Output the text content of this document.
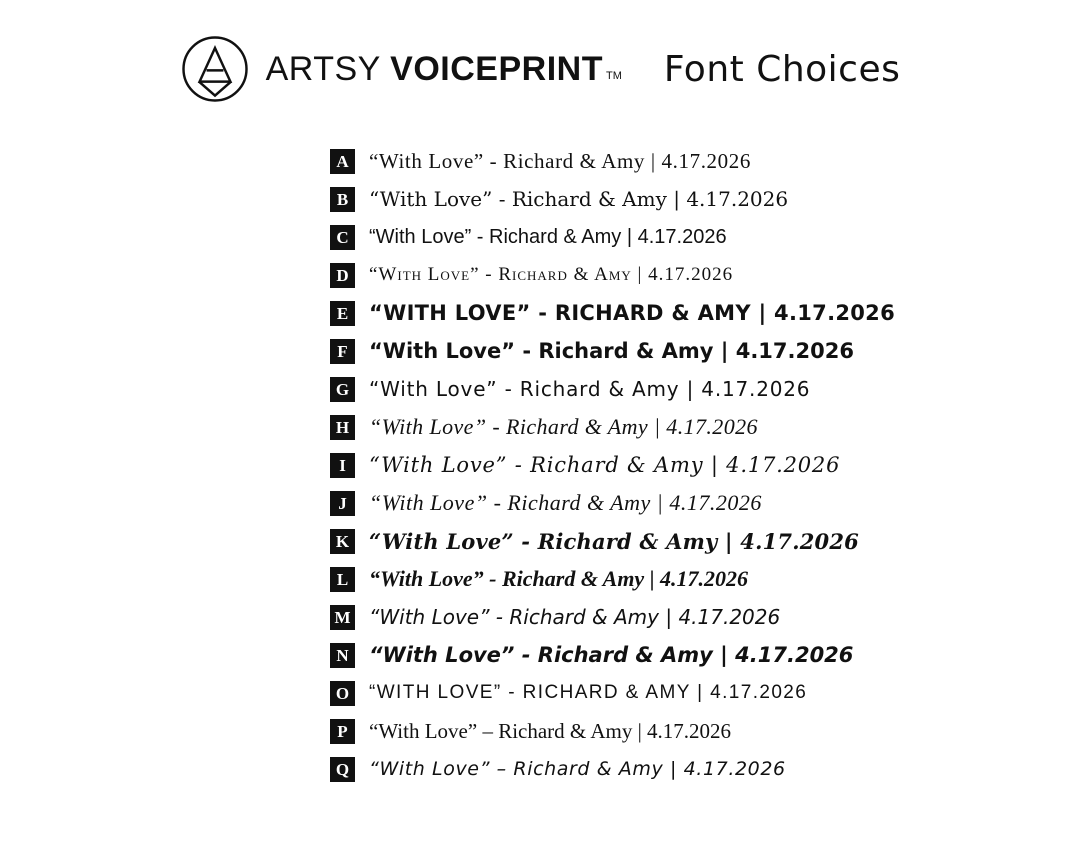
ARTSY VOICEPRINT TM Font Choices
A “With Love” - Richard & Amy | 4.17.2026
B	“With Love” - Richard & Amy | 4.17.2026
C	“With Love” - Richard & Amy | 4.17.2026
D	“With Love” - Richard & Amy | 4.17.2026
E “WITH LOVE” - RICHARD & AMY | 4.17.2026
F	“With Love” - Richard & Amy | 4.17.2026
G “With Love” - Richard & Amy | 4.17.2026
H “With Love” - Richard & Amy | 4.17.2026
I	“With Love” - Richard & Amy | 4.17.2026
J	“With Love” - Richard & Amy | 4.17.2026
K “With Love” - Richard & Amy | 4.17.2026
L “With Love” - Richard & Amy | 4.17.2026
M “With Love” - Richard & Amy | 4.17.2026
N “With Love” - Richard & Amy | 4.17.2026
O	“WITH LOVE” - RICHARD & AMY | 4.17.2026
P	“With Love” – Richard & Amy | 4.17.2026
Q	“With Love” – Richard & Amy | 4.17.2026
